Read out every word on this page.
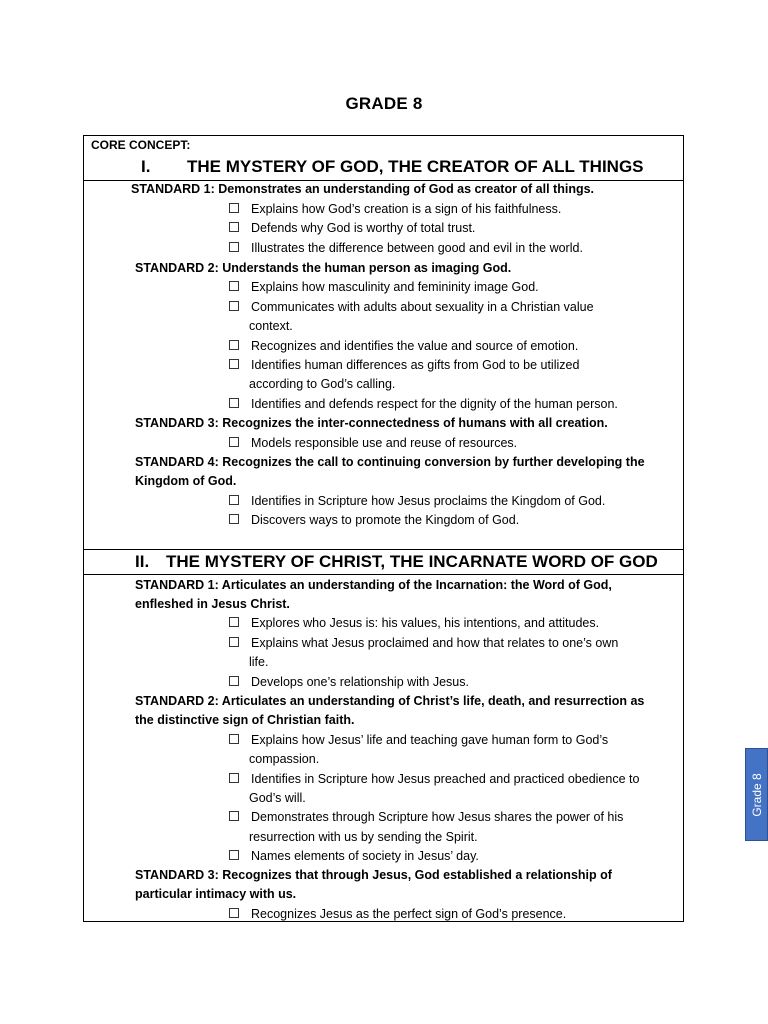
GRADE 8
CORE CONCEPT:
I. THE MYSTERY OF GOD, THE CREATOR OF ALL THINGS
STANDARD 1: Demonstrates an understanding of God as creator of all things.
Explains how God’s creation is a sign of his faithfulness.
Defends why God is worthy of total trust.
Illustrates the difference between good and evil in the world.
STANDARD 2: Understands the human person as imaging God.
Explains how masculinity and femininity image God.
Communicates with adults about sexuality in a Christian value
context.
Recognizes and identifies the value and source of emotion.
Identifies human differences as gifts from God to be utilized
according to God’s calling.
Identifies and defends respect for the dignity of the human person.
STANDARD 3: Recognizes the inter-connectedness of humans with all creation.
Models responsible use and reuse of resources.
STANDARD 4: Recognizes the call to continuing conversion by further developing the
Kingdom of God.
Identifies in Scripture how Jesus proclaims the Kingdom of God.
Discovers ways to promote the Kingdom of God.
II. THE MYSTERY OF CHRIST, THE INCARNATE WORD OF GOD
STANDARD 1: Articulates an understanding of the Incarnation: the Word of God,
enfleshed in Jesus Christ.
Explores who Jesus is: his values, his intentions, and attitudes.
Explains what Jesus proclaimed and how that relates to one’s own
life.
Develops one’s relationship with Jesus.
STANDARD 2: Articulates an understanding of Christ’s life, death, and resurrection as
the distinctive sign of Christian faith.
Explains how Jesus’ life and teaching gave human form to God’s
compassion.
Identifies in Scripture how Jesus preached and practiced obedience to
God’s will.
Demonstrates through Scripture how Jesus shares the power of his
resurrection with us by sending the Spirit.
Names elements of society in Jesus’ day.
STANDARD 3: Recognizes that through Jesus, God established a relationship of
particular intimacy with us.
Recognizes Jesus as the perfect sign of God’s presence.
Grade 8
